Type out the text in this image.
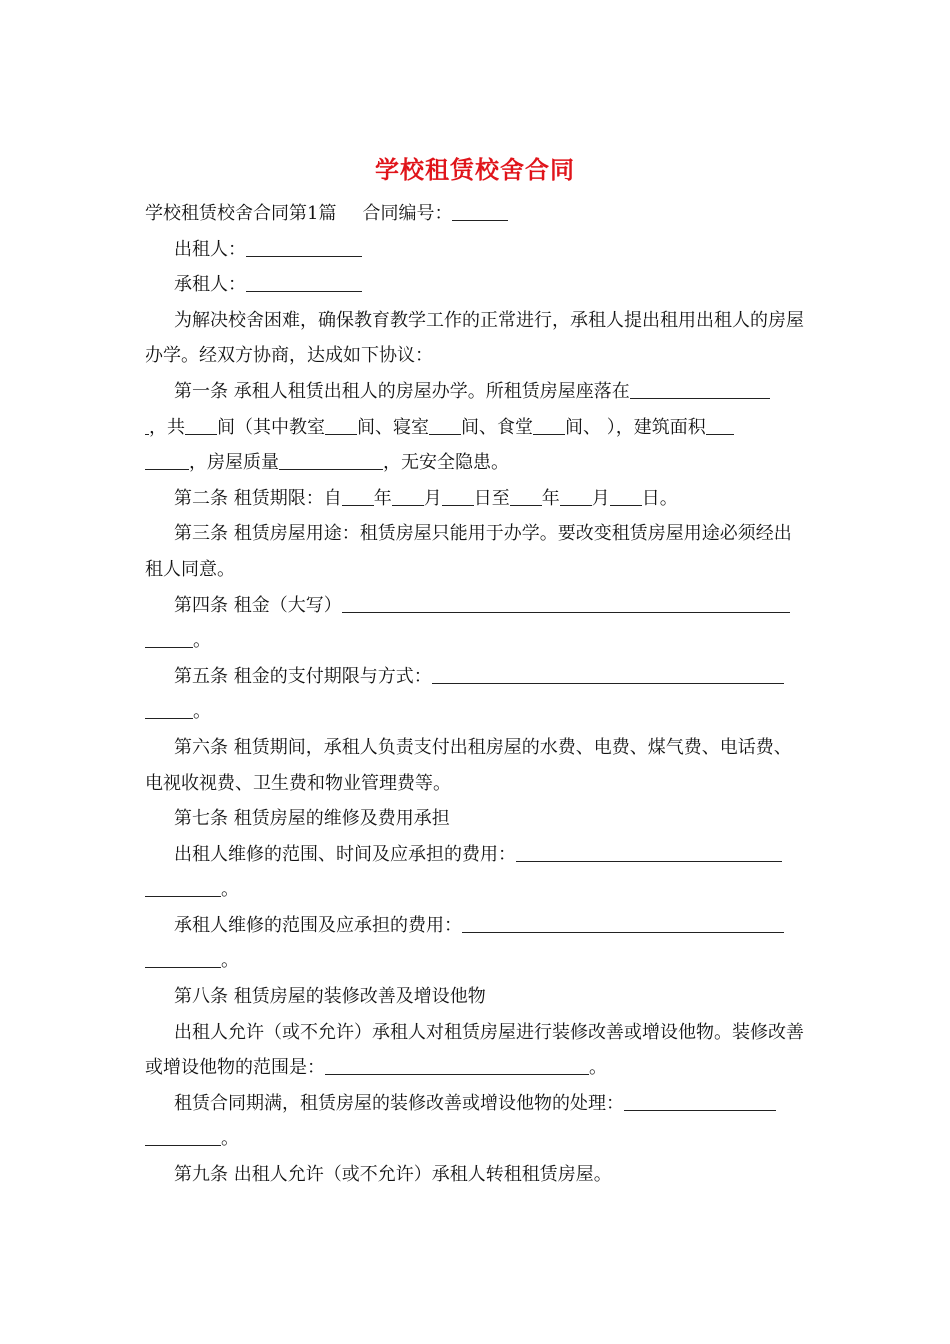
学校租赁校舍合同

学校租赁校舍合同第1篇 合同编号：

出租人：

承租人：

为解决校舍困难，确保教育教学工作的正常进行，承租人提出租用出租人的房屋办学。经双方协商，达成如下协议：

第一条 承租人租赁出租人的房屋办学。所租赁房屋座落在
，共 间（其中教室 间、寝室 间、食堂 间、 ），建筑面积
，房屋质量	，无安全隐患。

第二条 租赁期限：自 年 月 日至 年 月 日。

第三条 租赁房屋用途：租赁房屋只能用于办学。要改变租赁房屋用途必须经出租人同意。

第四条 租金（大写）
。

第五条 租金的支付期限与方式：
。

第六条 租赁期间，承租人负责支付出租房屋的水费、电费、煤气费、电话费、电视收视费、卫生费和物业管理费等。

第七条 租赁房屋的维修及费用承担

出租人维修的范围、时间及应承担的费用：
。

承租人维修的范围及应承担的费用：
。

第八条 租赁房屋的装修改善及增设他物

出租人允许（或不允许）承租人对租赁房屋进行装修改善或增设他物。装修改善或增设他物的范围是：	。

租赁合同期满，租赁房屋的装修改善或增设他物的处理：
。

第九条 出租人允许（或不允许）承租人转租租赁房屋。
